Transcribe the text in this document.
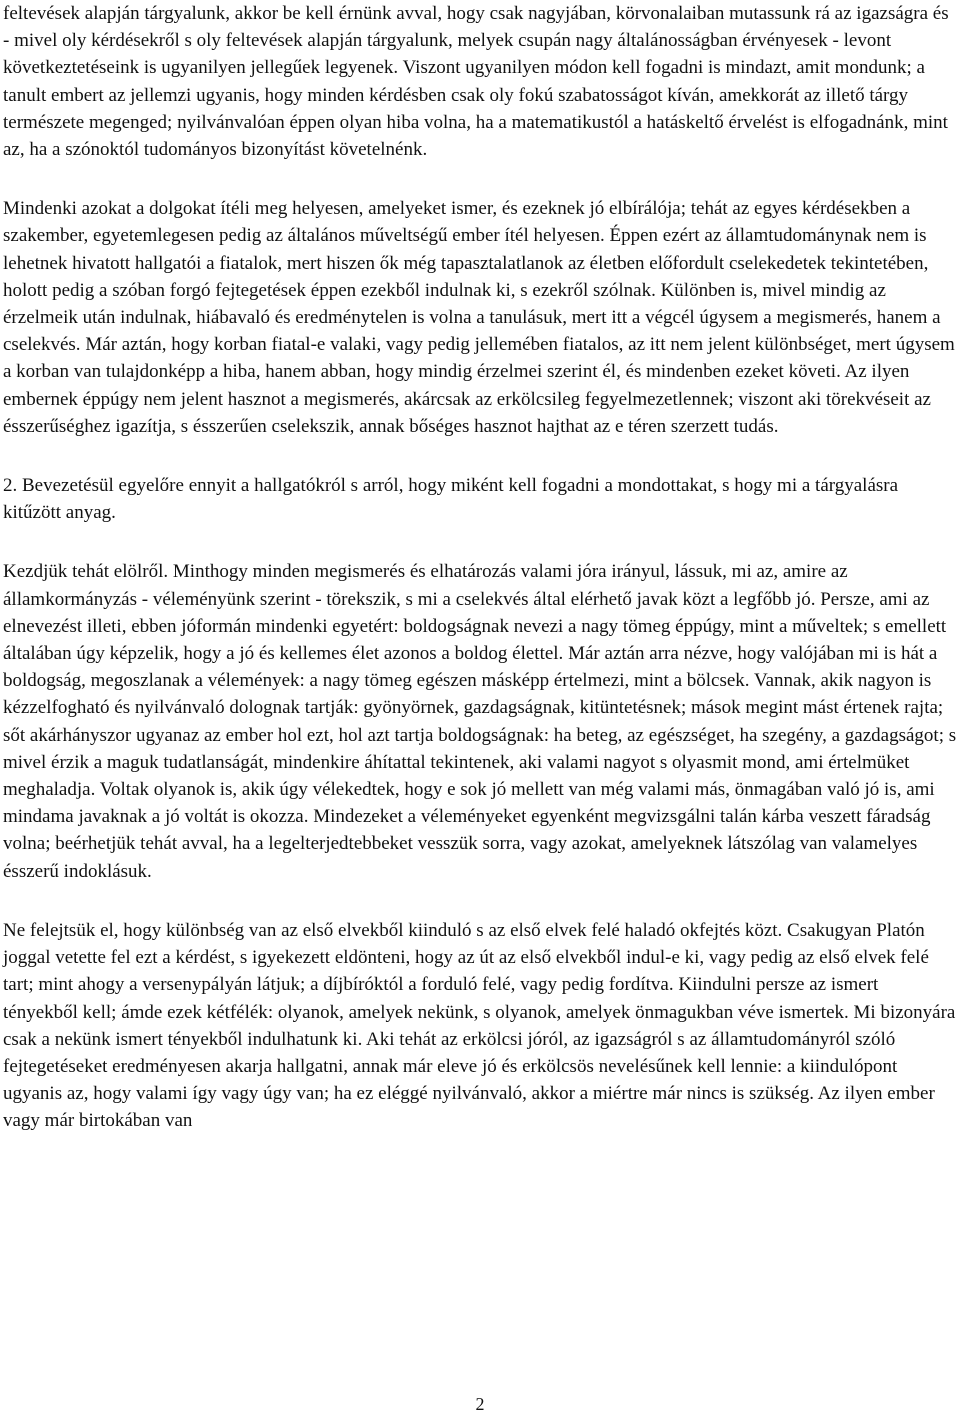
feltevések alapján tárgyalunk, akkor be kell érnünk avval, hogy csak nagyjában, körvonalaiban mutassunk rá az igazságra és - mivel oly kérdésekről s oly feltevések alapján tárgyalunk, melyek csupán nagy általánosságban érvényesek - levont következtetéseink is ugyanilyen jellegűek legyenek. Viszont ugyanilyen módon kell fogadni is mindazt, amit mondunk; a tanult embert az jellemzi ugyanis, hogy minden kérdésben csak oly fokú szabatosságot kíván, amekkorát az illető tárgy természete megenged; nyilvánvalóan éppen olyan hiba volna, ha a matematikustól a hatáskeltő érvelést is elfogadnánk, mint az, ha a szónoktól tudományos bizonyítást követelnénk.

Mindenki azokat a dolgokat ítéli meg helyesen, amelyeket ismer, és ezeknek jó elbírálója; tehát az egyes kérdésekben a szakember, egyetemlegesen pedig az általános műveltségű ember ítél helyesen. Éppen ezért az államtudománynak nem is lehetnek hivatott hallgatói a fiatalok, mert hiszen ők még tapasztalatlanok az életben előfordult cselekedetek tekintetében, holott pedig a szóban forgó fejtegetések éppen ezekből indulnak ki, s ezekről szólnak. Különben is, mivel mindig az érzelmeik után indulnak, hiábavaló és eredménytelen is volna a tanulásuk, mert itt a végcél úgysem a megismerés, hanem a cselekvés. Már aztán, hogy korban fiatal-e valaki, vagy pedig jellemében fiatalos, az itt nem jelent különbséget, mert úgysem a korban van tulajdonképp a hiba, hanem abban, hogy mindig érzelmei szerint él, és mindenben ezeket követi. Az ilyen embernek éppúgy nem jelent hasznot a megismerés, akárcsak az erkölcsileg fegyelmezetlennek; viszont aki törekvéseit az ésszerűséghez igazítja, s ésszerűen cselekszik, annak bőséges hasznot hajthat az e téren szerzett tudás.

2. Bevezetésül egyelőre ennyit a hallgatókról s arról, hogy miként kell fogadni a mondottakat, s hogy mi a tárgyalásra kitűzött anyag.

Kezdjük tehát elölről. Minthogy minden megismerés és elhatározás valami jóra irányul, lássuk, mi az, amire az államkormányzás - véleményünk szerint - törekszik, s mi a cselekvés által elérhető javak közt a legfőbb jó. Persze, ami az elnevezést illeti, ebben jóformán mindenki egyetért: boldogságnak nevezi a nagy tömeg éppúgy, mint a műveltek; s emellett általában úgy képzelik, hogy a jó és kellemes élet azonos a boldog élettel. Már aztán arra nézve, hogy valójában mi is hát a boldogság, megoszlanak a vélemények: a nagy tömeg egészen másképp értelmezi, mint a bölcsek. Vannak, akik nagyon is kézzelfogható és nyilvánvaló dolognak tartják: gyönyörnek, gazdagságnak, kitüntetésnek; mások megint mást értenek rajta; sőt akárhányszor ugyanaz az ember hol ezt, hol azt tartja boldogságnak: ha beteg, az egészséget, ha szegény, a gazdagságot; s mivel érzik a maguk tudatlanságát, mindenkire áhítattal tekintenek, aki valami nagyot s olyasmit mond, ami értelmüket meghaladja. Voltak olyanok is, akik úgy vélekedtek, hogy e sok jó mellett van még valami más, önmagában való jó is, ami mindama javaknak a jó voltát is okozza. Mindezeket a véleményeket egyenként megvizsgálni talán kárba veszett fáradság volna; beérhetjük tehát avval, ha a legelterjedtebbeket vesszük sorra, vagy azokat, amelyeknek látszólag van valamelyes ésszerű indoklásuk.

Ne felejtsük el, hogy különbség van az első elvekből kiinduló s az első elvek felé haladó okfejtés közt. Csakugyan Platón joggal vetette fel ezt a kérdést, s igyekezett eldönteni, hogy az út az első elvekből indul-e ki, vagy pedig az első elvek felé tart; mint ahogy a versenypályán látjuk; a díjbíróktól a forduló felé, vagy pedig fordítva. Kiindulni persze az ismert tényekből kell; ámde ezek kétfélék: olyanok, amelyek nekünk, s olyanok, amelyek önmagukban véve ismertek. Mi bizonyára csak a nekünk ismert tényekből indulhatunk ki. Aki tehát az erkölcsi jóról, az igazságról s az államtudományról szóló fejtegetéseket eredményesen akarja hallgatni, annak már eleve jó és erkölcsös nevelésűnek kell lennie: a kiindulópont ugyanis az, hogy valami így vagy úgy van; ha ez eléggé nyilvánvaló, akkor a miértre már nincs is szükség. Az ilyen ember vagy már birtokában van

2
